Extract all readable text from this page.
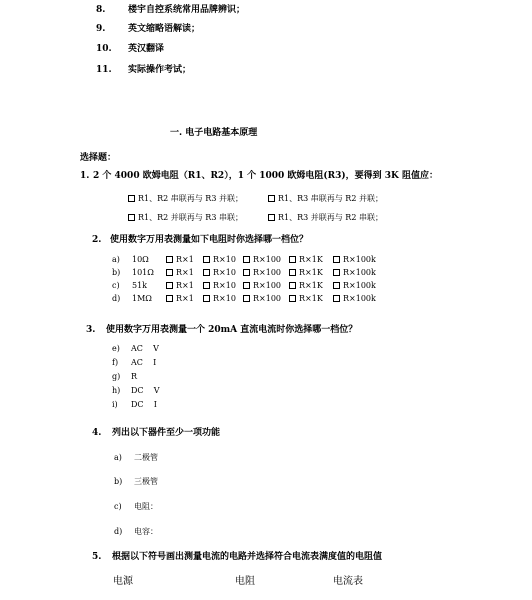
8.	楼宇自控系统常用品牌辨识；
9.	英文缩略语解读；
10. 英汉翻译
11. 实际操作考试；
一. 电子电路基本原理
选择题：
1. 2 个 4000 欧姆电阻（R1、R2），1 个 1000 欧姆电阻(R3)，要得到 3K 阻值应：
R1、R2 串联再与 R3 并联；	R1、R3 串联再与 R2 并联；
R1、R2 并联再与 R3 串联；	R1、R3 并联再与 R2 串联；
2. 使用数字万用表测量如下电阻时你选择哪一档位？
a) 10Ω	R×1	R×10	R×100	R×1K	R×100k
b) 101Ω	R×1	R×10	R×100	R×1K	R×100k
c) 51k	R×1	R×10	R×100	R×1K	R×100k
d) 1MΩ	R×1	R×10	R×100	R×1K	R×100k
3. 使用数字万用表测量一个 20mA 直流电流时你选择哪一档位？
e) AC    V
f) AC    I
g) R
h) DC    V
i) DC    I
4. 列出以下器件至少一项功能
a) 二极管
b) 三极管
c) 电阻：
d) 电容：
5. 根据以下符号画出测量电流的电路并选择符合电流表满度值的电阻值
电源	电阻	电流表
